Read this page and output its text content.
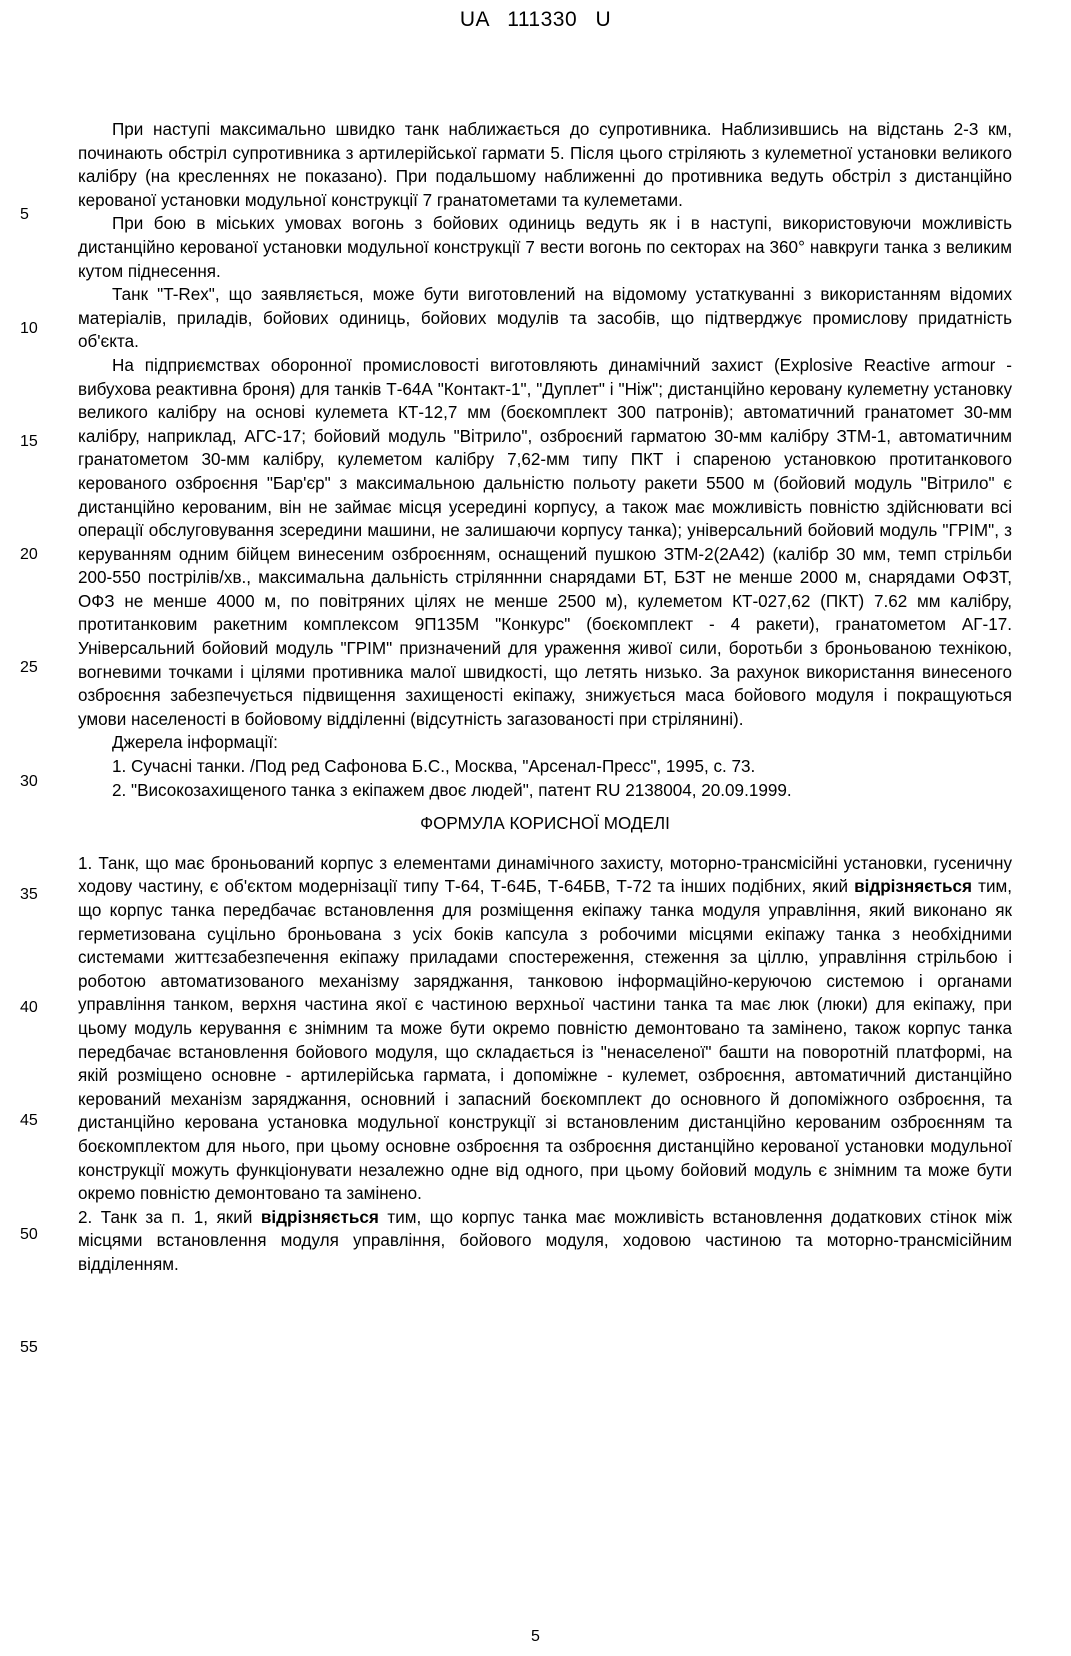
UA 111330 U
5
10
15
20
25
30
35
40
45
50
55

При наступі максимально швидко танк наближається до супротивника. Наблизившись на відстань 2-3 км, починають обстріл супротивника з артилерійської гармати 5. Після цього стріляють з кулеметної установки великого калібру (на кресленнях не показано). При подальшому наближенні до противника ведуть обстріл з дистанційно керованої установки модульної конструкції 7 гранатометами та кулеметами.

При бою в міських умовах вогонь з бойових одиниць ведуть як і в наступі, використовуючи можливість дистанційно керованої установки модульної конструкції 7 вести вогонь по секторах на 360° навкруги танка з великим кутом піднесення.

Танк "T-Rex", що заявляється, може бути виготовлений на відомому устаткуванні з використанням відомих матеріалів, приладів, бойових одиниць, бойових модулів та засобів, що підтверджує промислову придатність об'єкта.

На підприємствах оборонної промисловості виготовляють динамічний захист (Explosive Reactive armour - вибухова реактивна броня) для танків Т-64А "Контакт-1", "Дуплет" і "Ніж"; дистанційно керовану кулеметну установку великого калібру на основі кулемета КТ-12,7 мм (боєкомплект 300 патронів); автоматичний гранатомет 30-мм калібру, наприклад, АГС-17; бойовий модуль "Вітрило", озброєний гарматою 30-мм калібру ЗТМ-1, автоматичним гранатометом 30-мм калібру, кулеметом калібру 7,62-мм типу ПКТ і спареною установкою протитанкового керованого озброєння "Бар'єр" з максимальною дальністю польоту ракети 5500 м (бойовий модуль "Вітрило" є дистанційно керованим, він не займає місця усередині корпусу, а також має можливість повністю здійснювати всі операції обслуговування зсередини машини, не залишаючи корпусу танка); універсальний бойовий модуль "ГРІМ", з керуванням одним бійцем винесеним озброєнням, оснащений пушкою ЗТМ-2(2А42) (калібр 30 мм, темп стрільби 200-550 пострілів/хв., максимальна дальність стріляннни снарядами БТ, БЗТ не менше 2000 м, снарядами ОФЗТ, ОФЗ не менше 4000 м, по повітряних цілях не менше 2500 м), кулеметом КТ-027,62 (ПКТ) 7.62 мм калібру, протитанковим ракетним комплексом 9П135М "Конкурс" (боєкомплект - 4 ракети), гранатометом АГ-17. Універсальний бойовий модуль "ГРІМ" призначений для ураження живої сили, боротьби з броньованою технікою, вогневими точками і цілями противника малої швидкості, що летять низько. За рахунок використання винесеного озброєння забезпечується підвищення захищеності екіпажу, знижується маса бойового модуля і покращуються умови населеності в бойовому відділенні (відсутність загазованості при стрілянині).

Джерела інформації:

1. Сучасні танки. /Под ред Сафонова Б.С., Москва, "Арсенал-Пресс", 1995, с. 73.

2. "Високозахищеного танка з екіпажем двоє людей", патент RU 2138004, 20.09.1999.

ФОРМУЛА КОРИСНОЇ МОДЕЛІ

1. Танк, що має броньований корпус з елементами динамічного захисту, моторно-трансмісійні установки, гусеничну ходову частину, є об'єктом модернізації типу Т-64, Т-64Б, Т-64БВ, Т-72 та інших подібних, який відрізняється тим, що корпус танка передбачає встановлення для розміщення екіпажу танка модуля управління, який виконано як герметизована суцільно броньована з усіх боків капсула з робочими місцями екіпажу танка з необхідними системами життєзабезпечення екіпажу приладами спостереження, стеження за ціллю, управління стрільбою і роботою автоматизованого механізму заряджання, танковою інформаційно-керуючою системою і органами управління танком, верхня частина якої є частиною верхньої частини танка та має люк (люки) для екіпажу, при цьому модуль керування є знімним та може бути окремо повністю демонтовано та замінено, також корпус танка передбачає встановлення бойового модуля, що складається із "ненаселеної" башти на поворотній платформі, на якій розміщено основне - артилерійська гармата, і допоміжне - кулемет, озброєння, автоматичний дистанційно керований механізм заряджання, основний і запасний боєкомплект до основного й допоміжного озброєння, та дистанційно керована установка модульної конструкції зі встановленим дистанційно керованим озброєнням та боєкомплектом для нього, при цьому основне озброєння та озброєння дистанційно керованої установки модульної конструкції можуть функціонувати незалежно одне від одного, при цьому бойовий модуль є знімним та може бути окремо повністю демонтовано та замінено.

2. Танк за п. 1, який відрізняється тим, що корпус танка має можливість встановлення додаткових стінок між місцями встановлення модуля управління, бойового модуля, ходовою частиною та моторно-трансмісійним відділенням.

5
